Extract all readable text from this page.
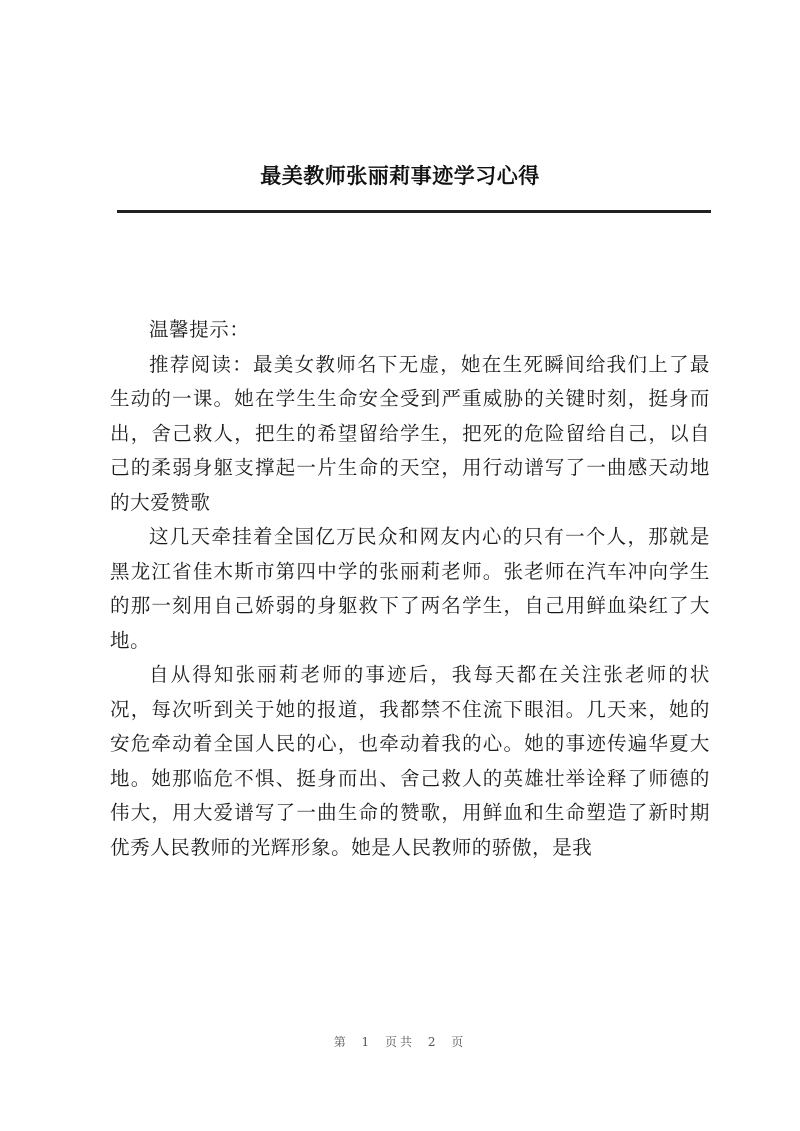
最美教师张丽莉事迹学习心得

温馨提示：

推荐阅读：最美女教师名下无虚，她在生死瞬间给我们上了最生动的一课。她在学生生命安全受到严重威胁的关键时刻，挺身而出，舍己救人，把生的希望留给学生，把死的危险留给自己，以自己的柔弱身躯支撑起一片生命的天空，用行动谱写了一曲感天动地的大爱赞歌

这几天牵挂着全国亿万民众和网友内心的只有一个人，那就是黑龙江省佳木斯市第四中学的张丽莉老师。张老师在汽车冲向学生的那一刻用自己娇弱的身躯救下了两名学生，自己用鲜血染红了大地。

自从得知张丽莉老师的事迹后，我每天都在关注张老师的状况，每次听到关于她的报道，我都禁不住流下眼泪。几天来，她的安危牵动着全国人民的心，也牵动着我的心。她的事迹传遍华夏大地。她那临危不惧、挺身而出、舍己救人的英雄壮举诠释了师德的伟大，用大爱谱写了一曲生命的赞歌，用鲜血和生命塑造了新时期优秀人民教师的光辉形象。她是人民教师的骄傲，是我

第 1 页共 2 页
